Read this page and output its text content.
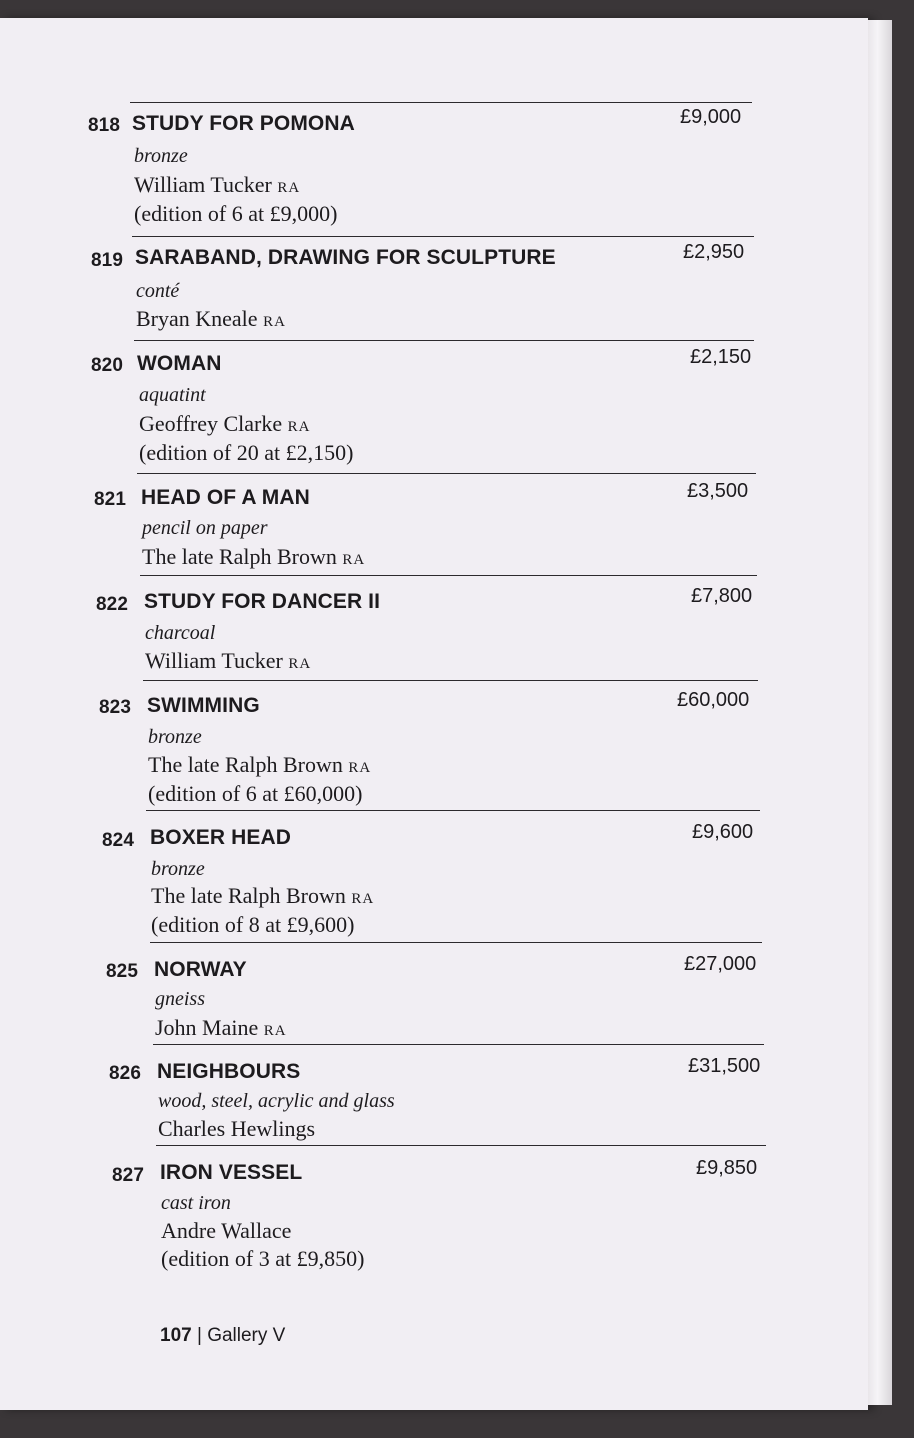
818 STUDY FOR POMONA	£9,000
bronze
William Tucker RA
(edition of 6 at £9,000)
819 SARABAND, DRAWING FOR SCULPTURE	£2,950
conté
Bryan Kneale RA
820 WOMAN	£2,150
aquatint
Geoffrey Clarke RA
(edition of 20 at £2,150)
821 HEAD OF A MAN	£3,500
pencil on paper
The late Ralph Brown RA
822 STUDY FOR DANCER II	£7,800
charcoal
William Tucker RA
823 SWIMMING	£60,000
bronze
The late Ralph Brown RA
(edition of 6 at £60,000)
824 BOXER HEAD	£9,600
bronze
The late Ralph Brown RA
(edition of 8 at £9,600)
825 NORWAY	£27,000
gneiss
John Maine RA
826 NEIGHBOURS	£31,500
wood, steel, acrylic and glass
Charles Hewlings
827 IRON VESSEL	£9,850
cast iron
Andre Wallace
(edition of 3 at £9,850)
107 | Gallery V
